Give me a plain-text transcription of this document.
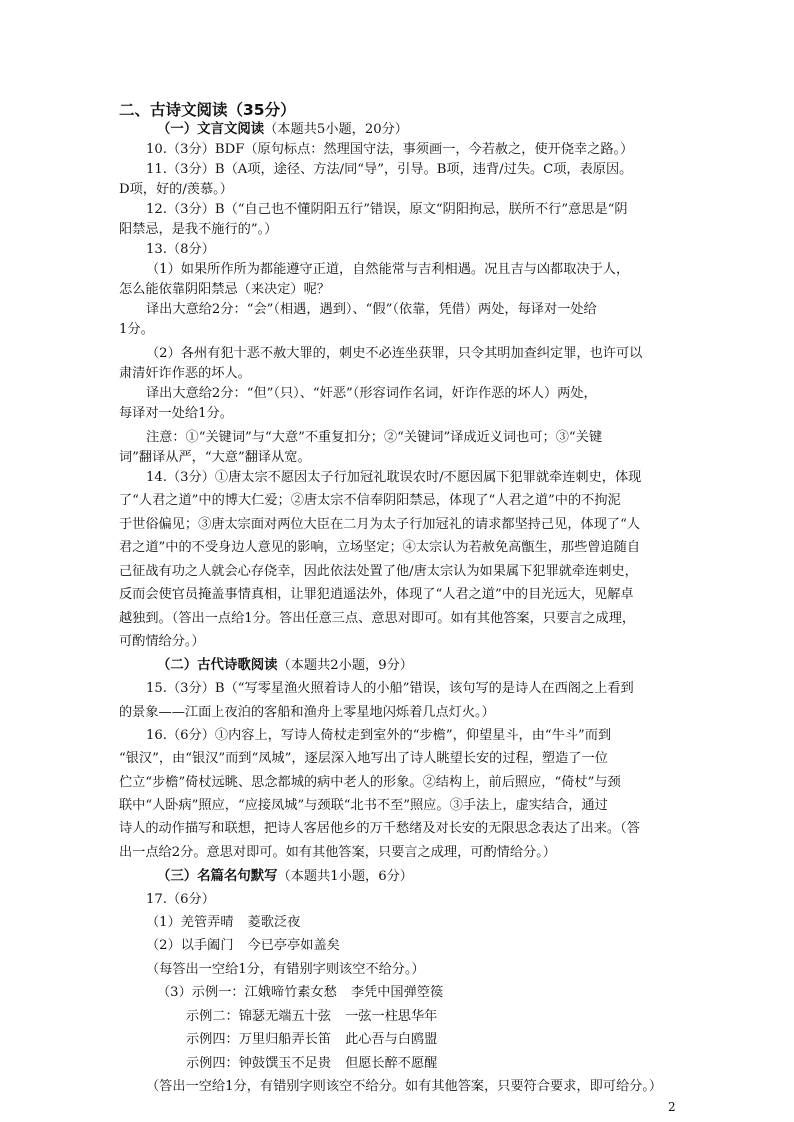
二、古诗文阅读（35分）
（一）文言文阅读（本题共5小题，20分）
10.（3分）BDF（原句标点：然理国守法，事须画一，今若赦之，使开侥幸之路。）
11.（3分）B（A项，途径、方法/同“导”，引导。B项，违背/过失。C项，表原因。
D项，好的/羡慕。）
12.（3分）B（“自己也不懂阴阳五行”错误，原文“阴阳拘忌，朕所不行”意思是“阴
阳禁忌，是我不施行的”。）
13.（8分）
（1）如果所作所为都能遵守正道，自然能常与吉利相遇。况且吉与凶都取决于人，
怎么能依靠阴阳禁忌（来决定）呢？
译出大意给2分：“会”（相遇，遇到）、“假”（依靠，凭借）两处，每译对一处给
1分。
（2）各州有犯十恶不赦大罪的，刺史不必连坐获罪，只令其明加查纠定罪，也许可以
肃清奸诈作恶的坏人。
译出大意给2分：“但”（只）、“奸恶”（形容词作名词，奸诈作恶的坏人）两处，
每译对一处给1分。
注意：①“关键词”与“大意”不重复扣分；②“关键词”译成近义词也可；③“关键
词”翻译从严，“大意”翻译从宽。
14.（3分）①唐太宗不愿因太子行加冠礼耽误农时/不愿因属下犯罪就牵连刺史，体现
了“人君之道”中的博大仁爱；②唐太宗不信奉阴阳禁忌，体现了“人君之道”中的不拘泥
于世俗偏见；③唐太宗面对两位大臣在二月为太子行加冠礼的请求都坚持己见，体现了“人
君之道”中的不受身边人意见的影响，立场坚定；④太宗认为若赦免高甑生，那些曾追随自
己征战有功之人就会心存侥幸，因此依法处置了他/唐太宗认为如果属下犯罪就牵连刺史，
反而会使官员掩盖事情真相，让罪犯逍遥法外，体现了“人君之道”中的目光远大，见解卓
越独到。（答出一点给1分。答出任意三点、意思对即可。如有其他答案，只要言之成理，
可酌情给分。）
（二）古代诗歌阅读（本题共2小题，9分）
15.（3分）B（“写零星渔火照着诗人的小船”错误，该句写的是诗人在西阁之上看到
的景象——江面上夜泊的客船和渔舟上零星地闪烁着几点灯火。）
16.（6分）①内容上，写诗人倚杖走到室外的“步檐”，仰望星斗，由“牛斗”而到
“银汉”，由“银汉”而到“凤城”，逐层深入地写出了诗人眺望长安的过程，塑造了一位
伫立“步檐”倚杖远眺、思念都城的病中老人的形象。②结构上，前后照应，“倚杖”与颈
联中“人卧病”照应，“应接凤城”与颈联“北书不至”照应。③手法上，虚实结合，通过
诗人的动作描写和联想，把诗人客居他乡的万千愁绪及对长安的无限思念表达了出来。（答
出一点给2分。意思对即可。如有其他答案，只要言之成理，可酌情给分。）
（三）名篇名句默写（本题共1小题，6分）
17.（6分）
（1）羌管弄晴 菱歌泛夜
（2）以手阖门 今已亭亭如盖矣
（每答出一空给1分，有错别字则该空不给分。）
（3）示例一：江娥啼竹素女愁 李凭中国弹箜篌
示例二：锦瑟无端五十弦 一弦一柱思华年
示例四：万里归船弄长笛 此心吾与白鸥盟
示例四：钟鼓馔玉不足贵 但愿长醉不愿醒
（答出一空给1分，有错别字则该空不给分。如有其他答案，只要符合要求，即可给分。）
2
